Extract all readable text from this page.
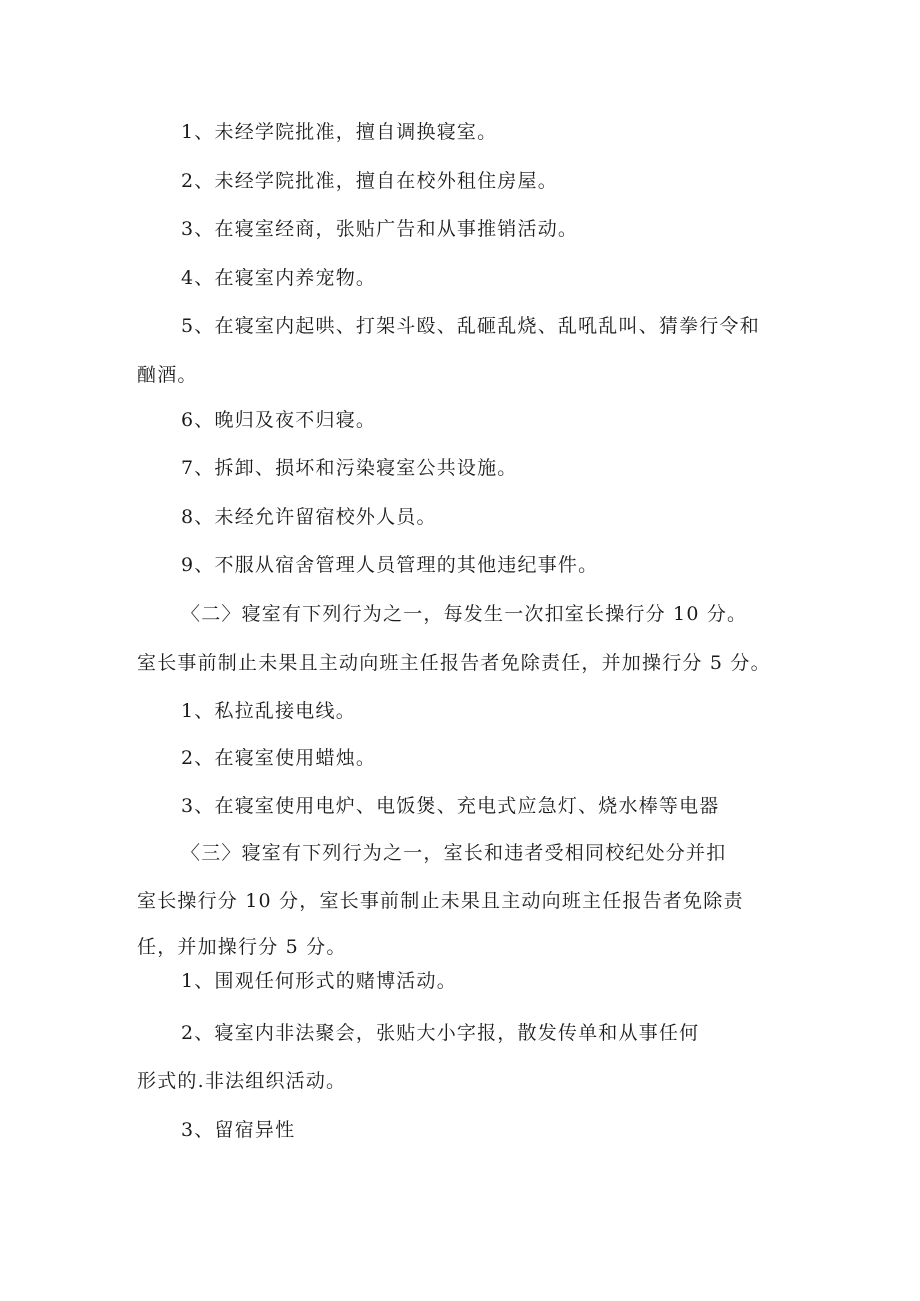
1、未经学院批准，擅自调换寝室。
2、未经学院批准，擅自在校外租住房屋。
3、在寝室经商，张贴广告和从事推销活动。
4、在寝室内养宠物。
5、在寝室内起哄、打架斗殴、乱砸乱烧、乱吼乱叫、猜拳行令和
酗酒。
6、晚归及夜不归寝。
7、拆卸、损坏和污染寝室公共设施。
8、未经允许留宿校外人员。
9、不服从宿舍管理人员管理的其他违纪事件。
〈二〉寝室有下列行为之一，每发生一次扣室长操行分 10 分。
室长事前制止未果且主动向班主任报告者免除责任，并加操行分 5 分。
1、私拉乱接电线。
2、在寝室使用蜡烛。
3、在寝室使用电炉、电饭煲、充电式应急灯、烧水棒等电器
〈三〉寝室有下列行为之一，室长和违者受相同校纪处分并扣
室长操行分 10 分，室长事前制止未果且主动向班主任报告者免除责
任，并加操行分 5 分。
1、围观任何形式的赌博活动。
2、寝室内非法聚会，张贴大小字报，散发传单和从事任何
形式的.非法组织活动。
3、留宿异性
